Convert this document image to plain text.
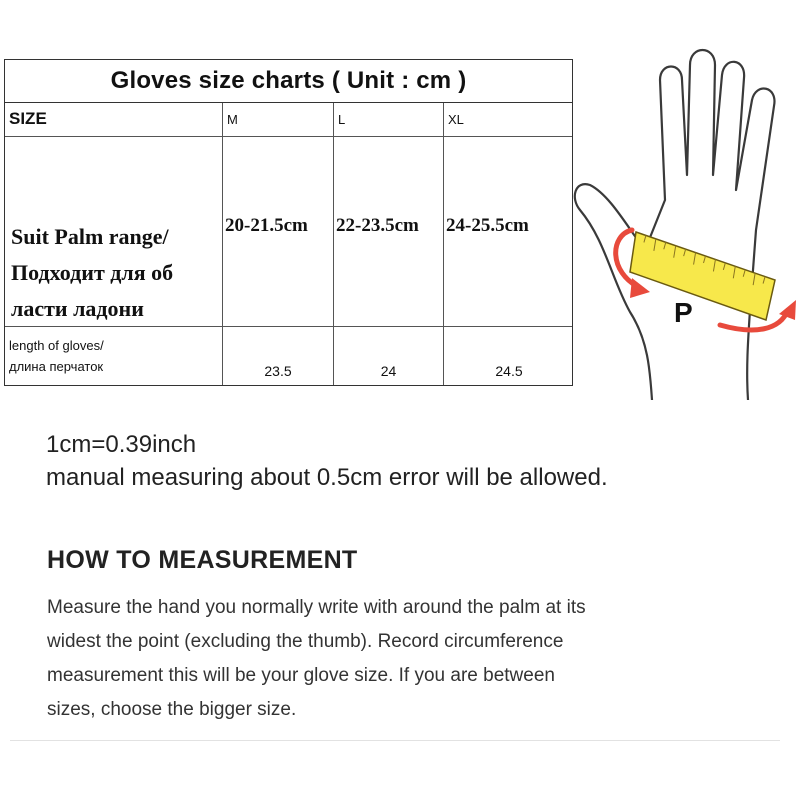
Gloves size charts ( Unit : cm )
SIZE	M	L	XL
Suit Palm range/
Подходит для об
ласти ладони
20-21.5cm	22-23.5cm	24-25.5cm
length of gloves/
длина перчаток	23.5	24	24.5
P
1cm=0.39inch
manual measuring about 0.5cm error will be allowed.
HOW TO MEASUREMENT
Measure the hand you normally write with around the palm at its
widest the point (excluding the thumb). Record circumference
measurement this will be your glove size. If you are between
sizes, choose the bigger size.
